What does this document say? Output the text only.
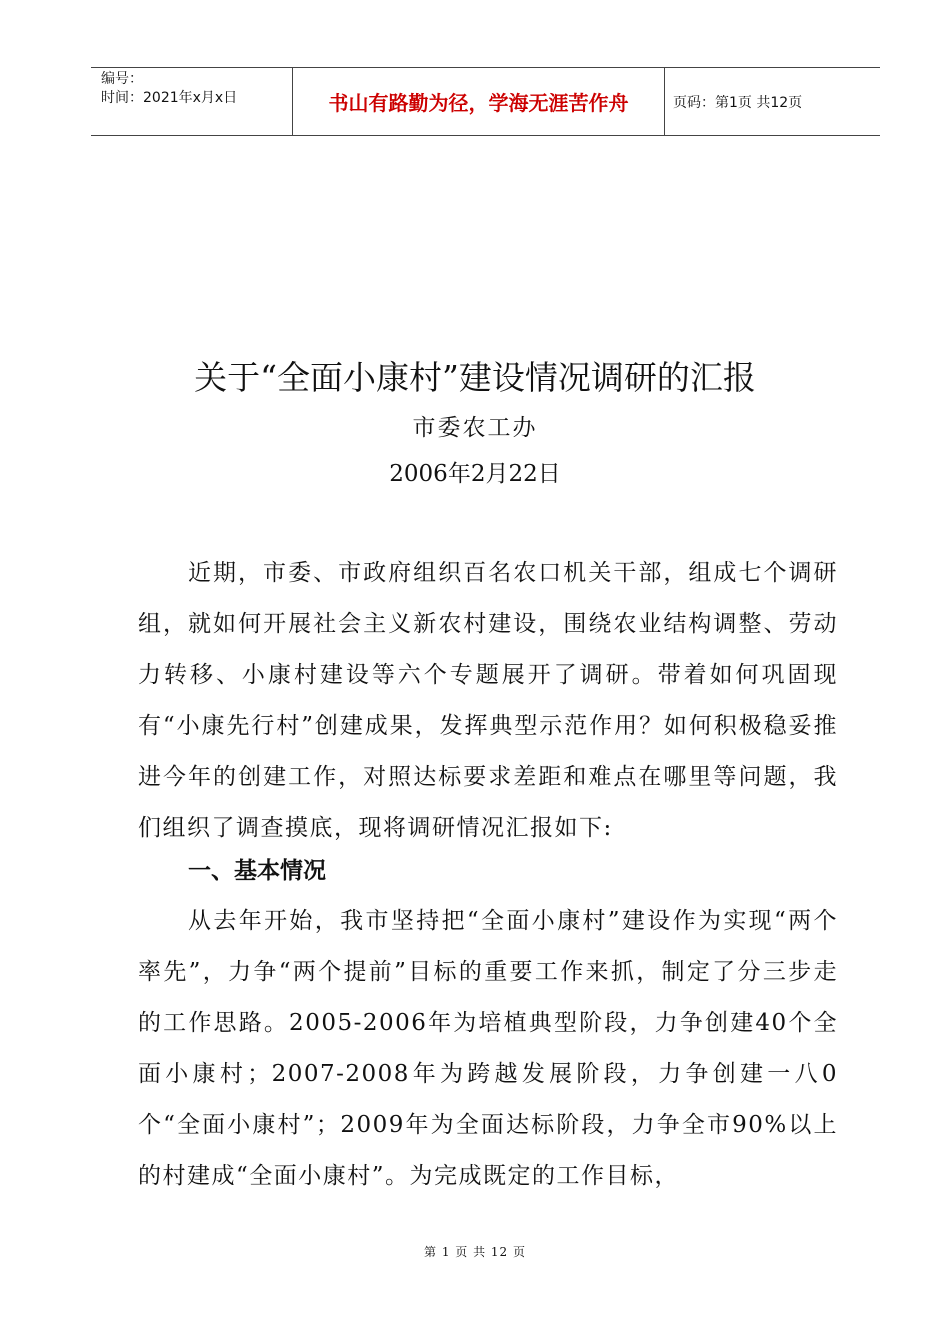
编号：
时间：2021年x月x日	书山有路勤为径，学海无涯苦作舟	页码：第1页 共12页
关于“全面小康村”建设情况调研的汇报
市委农工办
2006年2月22日
近期，市委、市政府组织百名农口机关干部，组成七个调研组，就如何开展社会主义新农村建设，围绕农业结构调整、劳动力转移、小康村建设等六个专题展开了调研。带着如何巩固现有“小康先行村”创建成果，发挥典型示范作用？如何积极稳妥推进今年的创建工作，对照达标要求差距和难点在哪里等问题，我们组织了调查摸底，现将调研情况汇报如下:
一、基本情况
从去年开始，我市坚持把“全面小康村”建设作为实现“两个率先”，力争“两个提前”目标的重要工作来抓，制定了分三步走的工作思路。2005-2006年为培植典型阶段，力争创建40个全面小康村；2007-2008年为跨越发展阶段，力争创建一八0个“全面小康村”；2009年为全面达标阶段，力争全市90%以上的村建成“全面小康村”。为完成既定的工作目标，
第 1 页 共 12 页
